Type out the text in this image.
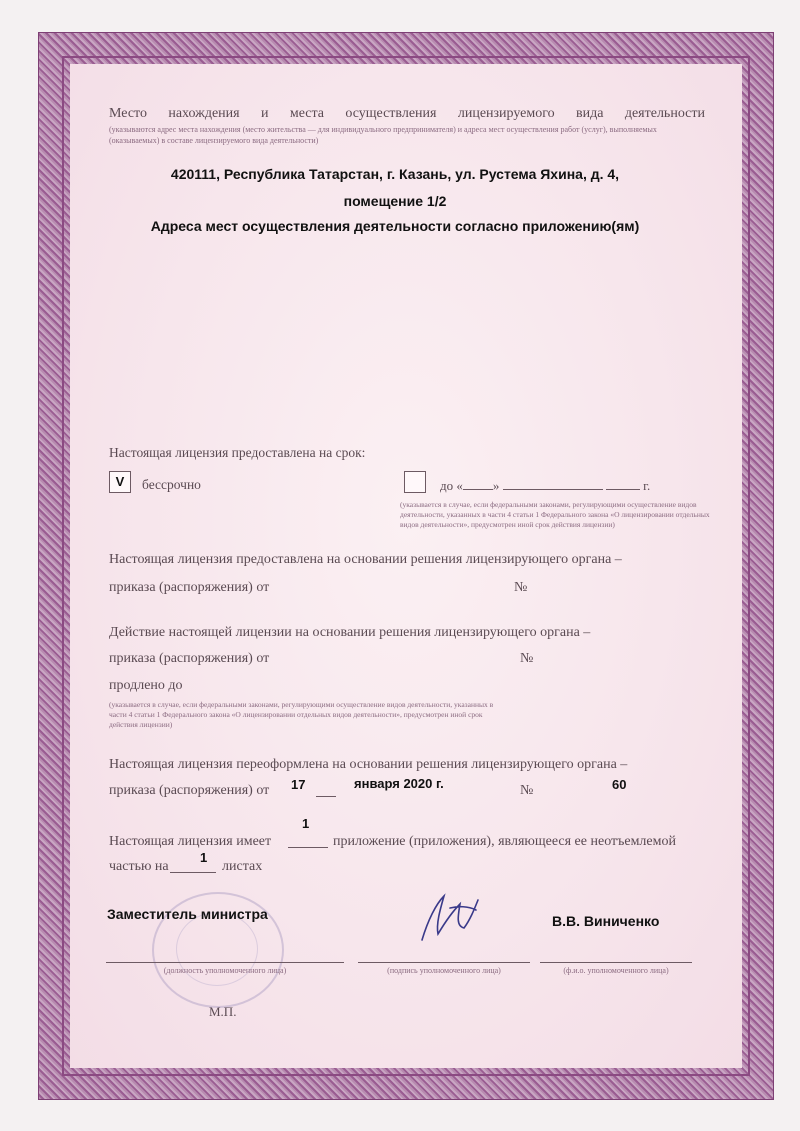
Место нахождения и места осуществления лицензируемого вида деятельности
(указываются адрес места нахождения (место жительства — для индивидуального предпринимателя) и адреса мест осуществления работ (услуг), выполняемых (оказываемых) в составе лицензируемого вида деятельности)
420111, Республика Татарстан, г. Казань, ул. Рустема Яхина, д. 4,
помещение 1/2
Адреса мест осуществления деятельности согласно приложению(ям)
Настоящая лицензия предоставлена на срок:
V	бессрочно	до « »	г.
(указывается в случае, если федеральными законами, регулирующими осуществление видов деятельности, указанных в части 4 статьи 1 Федерального закона «О лицензировании отдельных видов деятельности», предусмотрен иной срок действия лицензии)
Настоящая лицензия предоставлена на основании решения лицензирующего органа –
приказа (распоряжения) от	№
Действие настоящей лицензии на основании решения лицензирующего органа –
приказа (распоряжения) от	№
продлено до
(указывается в случае, если федеральными законами, регулирующими осуществление видов деятельности, указанных в части 4 статьи 1 Федерального закона «О лицензировании отдельных видов деятельности», предусмотрен иной срок действия лицензии)
Настоящая лицензия переоформлена на основании решения лицензирующего органа –
приказа (распоряжения) от 17	января 2020 г.	№	60
Настоящая лицензия имеет
1
приложение (приложения), являющееся ее неотъемлемой
частью на
1
листах
Заместитель министра	В.В. Виниченко
(должность уполномоченного лица)	(подпись уполномоченного лица)	(ф.и.о. уполномоченного лица)
М.П.
